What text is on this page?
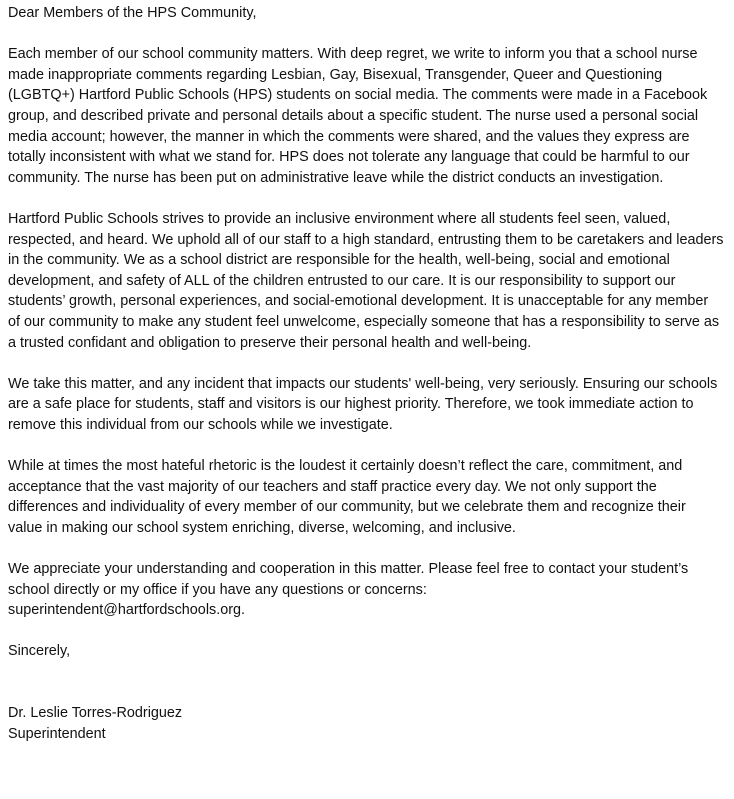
Dear Members of the HPS Community,

Each member of our school community matters. With deep regret, we write to inform you that a school nurse made inappropriate comments regarding Lesbian, Gay, Bisexual, Transgender, Queer and Questioning (LGBTQ+) Hartford Public Schools (HPS) students on social media. The comments were made in a Facebook group, and described private and personal details about a specific student. The nurse used a personal social media account; however, the manner in which the comments were shared, and the values they express are totally inconsistent with what we stand for. HPS does not tolerate any language that could be harmful to our community. The nurse has been put on administrative leave while the district conducts an investigation.

Hartford Public Schools strives to provide an inclusive environment where all students feel seen, valued, respected, and heard. We uphold all of our staff to a high standard, entrusting them to be caretakers and leaders in the community. We as a school district are responsible for the health, well-being, social and emotional development, and safety of ALL of the children entrusted to our care. It is our responsibility to support our students’ growth, personal experiences, and social-emotional development. It is unacceptable for any member of our community to make any student feel unwelcome, especially someone that has a responsibility to serve as a trusted confidant and obligation to preserve their personal health and well-being.

We take this matter, and any incident that impacts our students' well-being, very seriously. Ensuring our schools are a safe place for students, staff and visitors is our highest priority. Therefore, we took immediate action to remove this individual from our schools while we investigate.

While at times the most hateful rhetoric is the loudest it certainly doesn’t reflect the care, commitment, and acceptance that the vast majority of our teachers and staff practice every day. We not only support the differences and individuality of every member of our community, but we celebrate them and recognize their value in making our school system enriching, diverse, welcoming, and inclusive.

We appreciate your understanding and cooperation in this matter. Please feel free to contact your student’s school directly or my office if you have any questions or concerns:
superintendent@hartfordschools.org.

Sincerely,

Dr. Leslie Torres-Rodriguez

Superintendent
